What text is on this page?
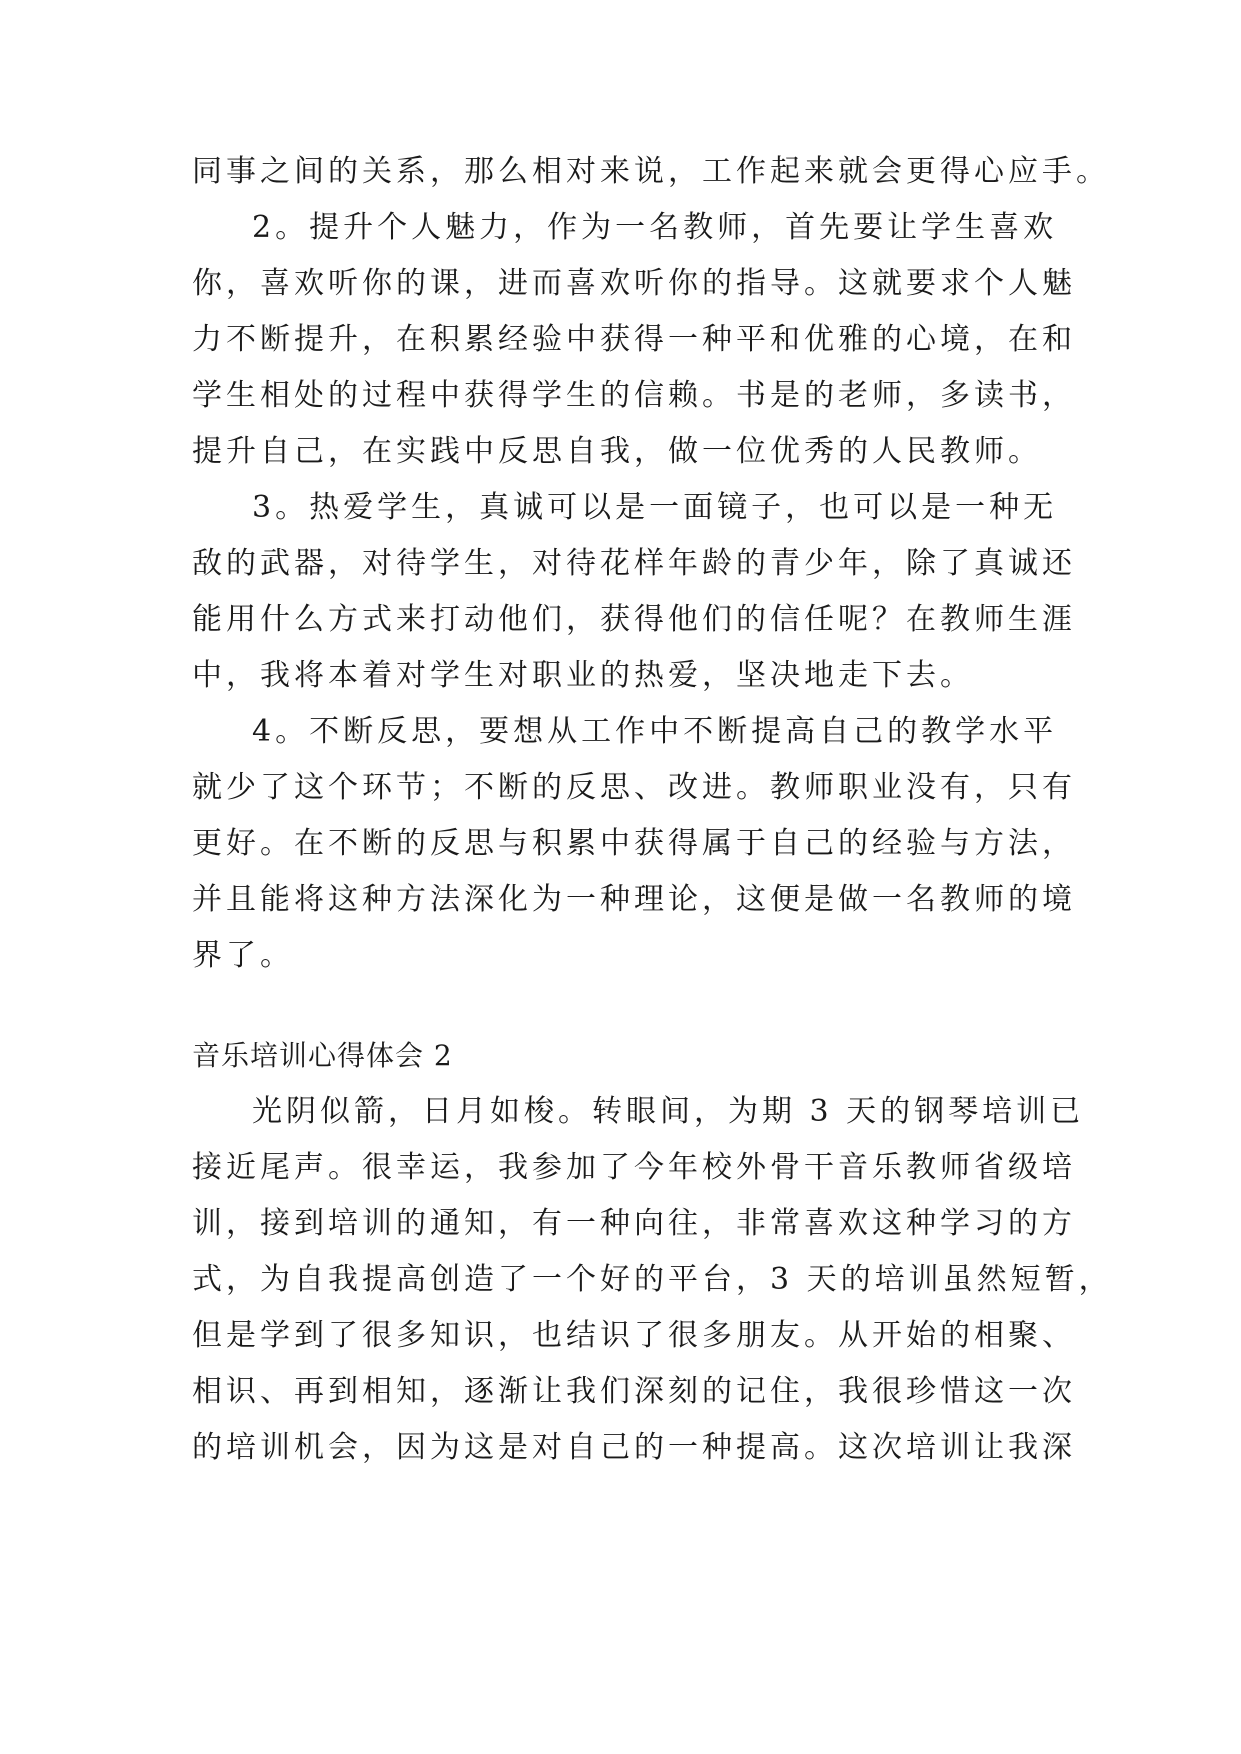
同事之间的关系，那么相对来说，工作起来就会更得心应手。
2。提升个人魅力，作为一名教师，首先要让学生喜欢
你，喜欢听你的课，进而喜欢听你的指导。这就要求个人魅
力不断提升，在积累经验中获得一种平和优雅的心境，在和
学生相处的过程中获得学生的信赖。书是的老师，多读书，
提升自己，在实践中反思自我，做一位优秀的人民教师。
3。热爱学生，真诚可以是一面镜子，也可以是一种无
敌的武器，对待学生，对待花样年龄的青少年，除了真诚还
能用什么方式来打动他们，获得他们的信任呢？在教师生涯
中，我将本着对学生对职业的热爱，坚决地走下去。
4。不断反思，要想从工作中不断提高自己的教学水平
就少了这个环节；不断的反思、改进。教师职业没有，只有
更好。在不断的反思与积累中获得属于自己的经验与方法，
并且能将这种方法深化为一种理论，这便是做一名教师的境
界了。
音乐培训心得体会 2
光阴似箭，日月如梭。转眼间，为期 3 天的钢琴培训已
接近尾声。很幸运，我参加了今年校外骨干音乐教师省级培
训，接到培训的通知，有一种向往，非常喜欢这种学习的方
式，为自我提高创造了一个好的平台，3 天的培训虽然短暂，
但是学到了很多知识，也结识了很多朋友。从开始的相聚、
相识、再到相知，逐渐让我们深刻的记住，我很珍惜这一次
的培训机会，因为这是对自己的一种提高。这次培训让我深
